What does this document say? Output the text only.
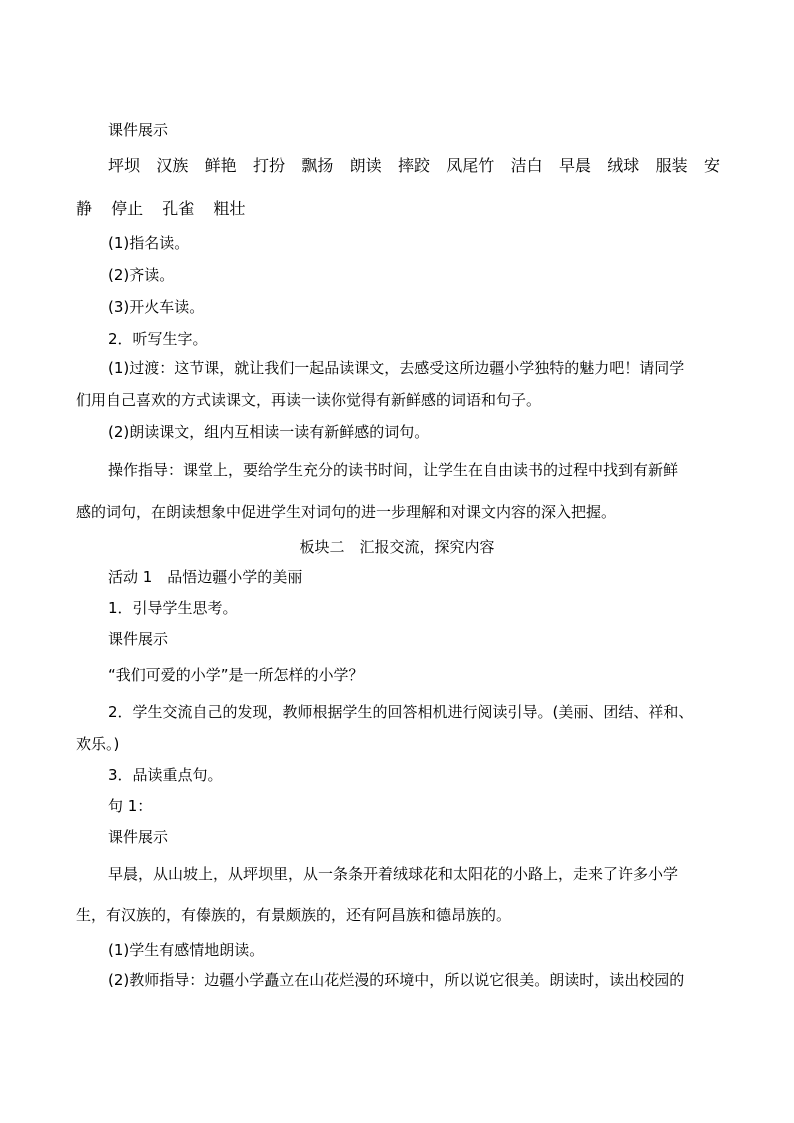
课件展示
坪坝 汉族 鲜艳 打扮 飘扬 朗读 摔跤 凤尾竹 洁白 早晨 绒球 服装 安
静 停止 孔雀 粗壮
(1)指名读。
(2)齐读。
(3)开火车读。
2．听写生字。
(1)过渡：这节课，就让我们一起品读课文，去感受这所边疆小学独特的魅力吧！请同学
们用自己喜欢的方式读课文，再读一读你觉得有新鲜感的词语和句子。
(2)朗读课文，组内互相读一读有新鲜感的词句。
操作指导：课堂上，要给学生充分的读书时间，让学生在自由读书的过程中找到有新鲜
感的词句，在朗读想象中促进学生对词句的进一步理解和对课文内容的深入把握。
板块二　汇报交流，探究内容
活动 1　品悟边疆小学的美丽
1．引导学生思考。
课件展示
“我们可爱的小学”是一所怎样的小学？
2．学生交流自己的发现，教师根据学生的回答相机进行阅读引导。(美丽、团结、祥和、
欢乐。)
3．品读重点句。
句 1：
课件展示
早晨，从山坡上，从坪坝里，从一条条开着绒球花和太阳花的小路上，走来了许多小学
生，有汉族的，有傣族的，有景颇族的，还有阿昌族和德昂族的。
(1)学生有感情地朗读。
(2)教师指导：边疆小学矗立在山花烂漫的环境中，所以说它很美。朗读时，读出校园的
